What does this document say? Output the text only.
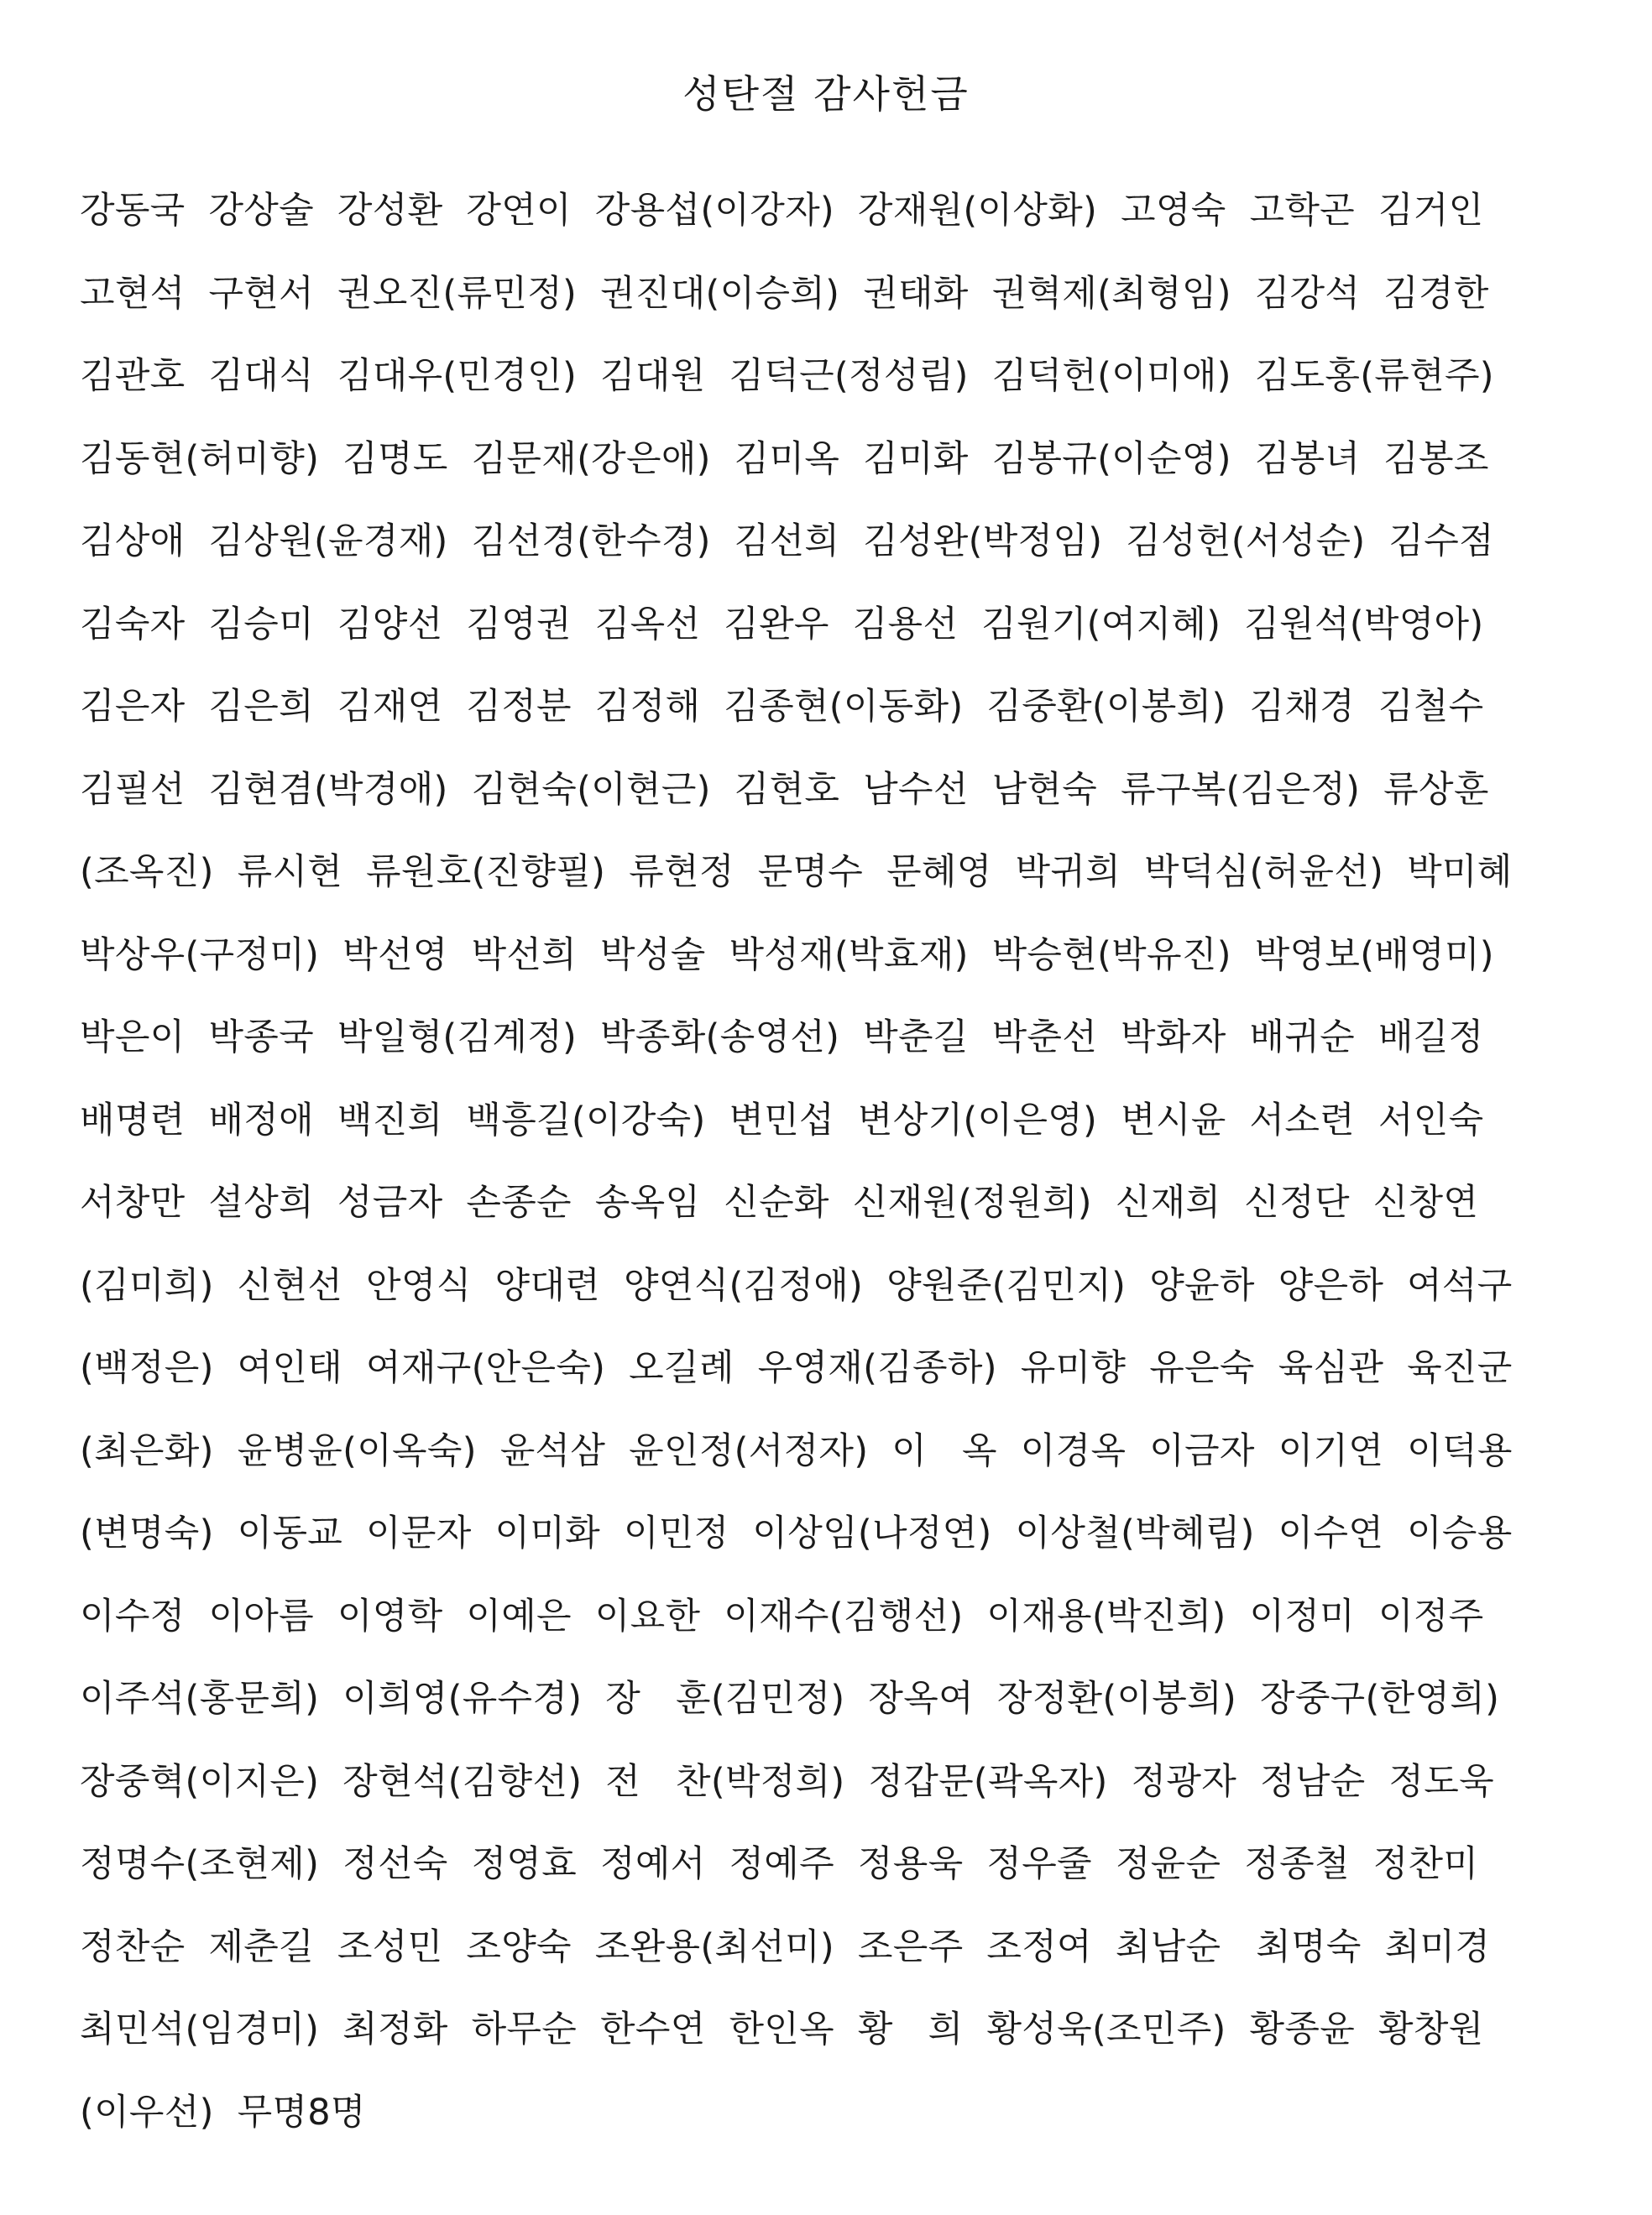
성탄절 감사헌금
강동국  강상술  강성환  강연이  강용섭(이강자)  강재원(이상화)  고영숙  고학곤  김거인
고현석  구현서  권오진(류민정)  권진대(이승희)  권태화  권혁제(최형임)  김강석  김경한
김관호  김대식  김대우(민경인)  김대원  김덕근(정성림)  김덕헌(이미애)  김도홍(류현주)
김동현(허미향)  김명도  김문재(강은애)  김미옥  김미화  김봉규(이순영)  김봉녀  김봉조
김상애  김상원(윤경재)  김선경(한수경)  김선희  김성완(박정임)  김성헌(서성순)  김수점
김숙자  김승미  김양선  김영권  김옥선  김완우  김용선  김원기(여지혜)  김원석(박영아)
김은자  김은희  김재연  김정분  김정해  김종현(이동화)  김중환(이봉희)  김채경  김철수
김필선  김현겸(박경애)  김현숙(이현근)  김현호  남수선  남현숙  류구복(김은정)  류상훈
(조옥진)  류시현  류원호(진향필)  류현정  문명수  문혜영  박귀희  박덕심(허윤선)  박미혜
박상우(구정미)  박선영  박선희  박성술  박성재(박효재)  박승현(박유진)  박영보(배영미)
박은이  박종국  박일형(김계정)  박종화(송영선)  박춘길  박춘선  박화자  배귀순  배길정
배명련  배정애  백진희  백흥길(이강숙)  변민섭  변상기(이은영)  변시윤  서소련  서인숙
서창만  설상희  성금자  손종순  송옥임  신순화  신재원(정원희)  신재희  신정단  신창연
(김미희)  신현선  안영식  양대련  양연식(김정애)  양원준(김민지)  양윤하  양은하  여석구
(백정은)  여인태  여재구(안은숙)  오길례  우영재(김종하)  유미향  유은숙  육심관  육진군
(최은화)  윤병윤(이옥숙)  윤석삼  윤인정(서정자)  이   옥  이경옥  이금자  이기연  이덕용
(변명숙)  이동교  이문자  이미화  이민정  이상임(나정연)  이상철(박혜림)  이수연  이승용
이수정  이아름  이영학  이예은  이요한  이재수(김행선)  이재용(박진희)  이정미  이정주
이주석(홍문희)  이희영(유수경)  장   훈(김민정)  장옥여  장정환(이봉희)  장중구(한영희)
장중혁(이지은)  장현석(김향선)  전   찬(박정희)  정갑문(곽옥자)  정광자  정남순  정도욱
정명수(조현제)  정선숙  정영효  정예서  정예주  정용욱  정우줄  정윤순  정종철  정찬미
정찬순  제춘길  조성민  조양숙  조완용(최선미)  조은주  조정여  최남순   최명숙  최미경
최민석(임경미)  최정화  하무순  한수연  한인옥  황   희  황성욱(조민주)  황종윤  황창원
(이우선)  무명8명
